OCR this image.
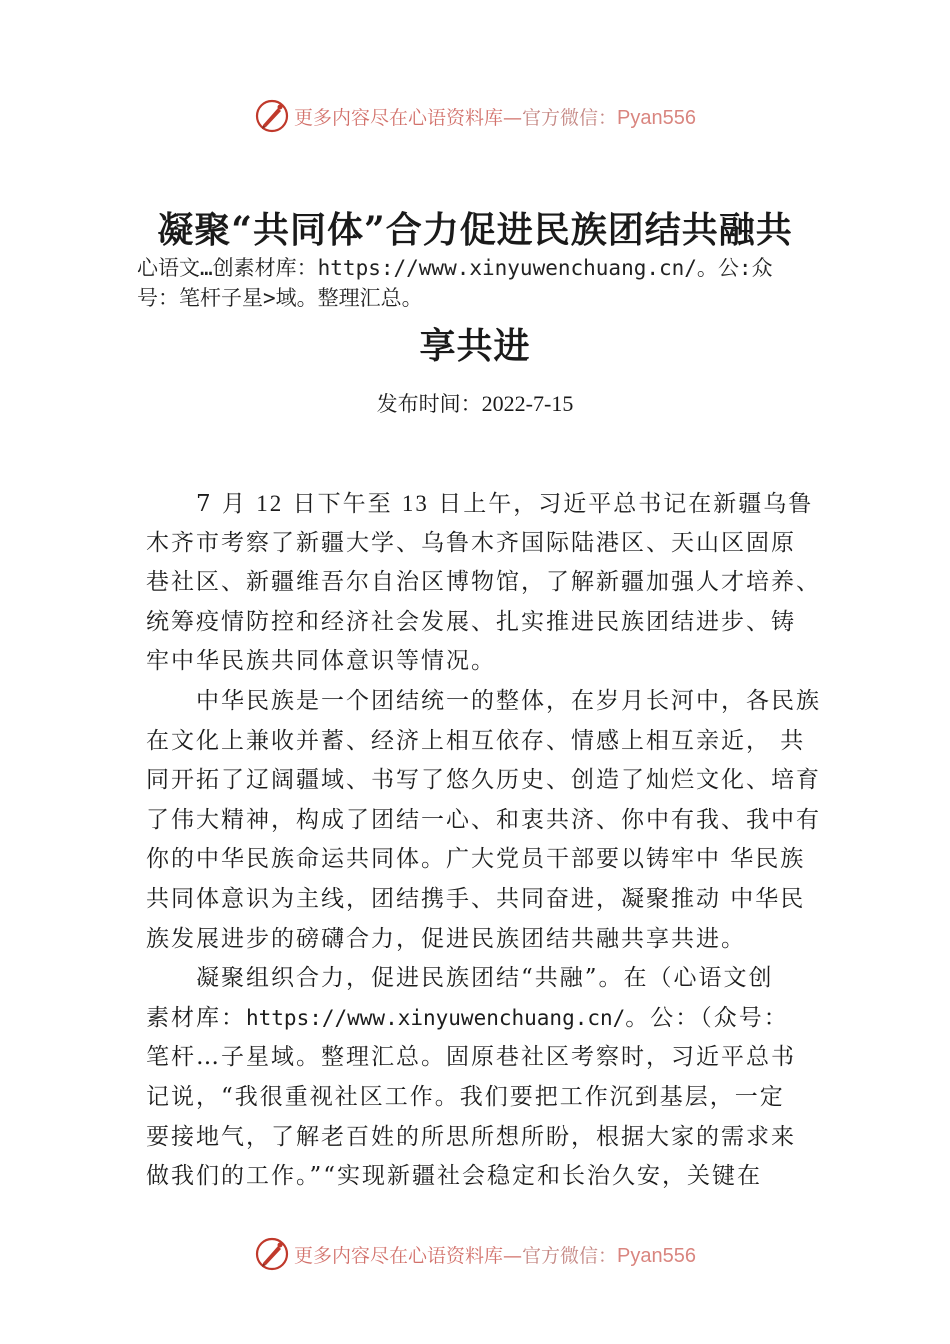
更多内容尽在心语资料库—官方微信：Pyan556
凝聚“共同体”合力促进民族团结共融共
心语文…创素材库：https://www.xinyuwenchuang.cn/。公:众
号：笔杆子星>域。整理汇总。
享共进
发布时间：2022-7-15
7 月 12 日下午至 13 日上午，习近平总书记在新疆乌鲁
木齐市考察了新疆大学、乌鲁木齐国际陆港区、天山区固原
巷社区、新疆维吾尔自治区博物馆，了解新疆加强人才培养、
统筹疫情防控和经济社会发展、扎实推进民族团结进步、铸
牢中华民族共同体意识等情况。
中华民族是一个团结统一的整体，在岁月长河中，各民族
在文化上兼收并蓄、经济上相互依存、情感上相互亲近， 共
同开拓了辽阔疆域、书写了悠久历史、创造了灿烂文化、培育
了伟大精神，构成了团结一心、和衷共济、你中有我、我中有
你的中华民族命运共同体。广大党员干部要以铸牢中 华民族
共同体意识为主线，团结携手、共同奋进，凝聚推动 中华民
族发展进步的磅礴合力，促进民族团结共融共享共进。
凝聚组织合力，促进民族团结“共融”。在（心语文创
素材库：https://www.xinyuwenchuang.cn/。公：（众号：
笔杆…子星域。整理汇总。固原巷社区考察时，习近平总书
记说，“我很重视社区工作。我们要把工作沉到基层，一定
要接地气，了解老百姓的所思所想所盼，根据大家的需求来
做我们的工作。”“实现新疆社会稳定和长治久安，关键在
更多内容尽在心语资料库—官方微信：Pyan556
